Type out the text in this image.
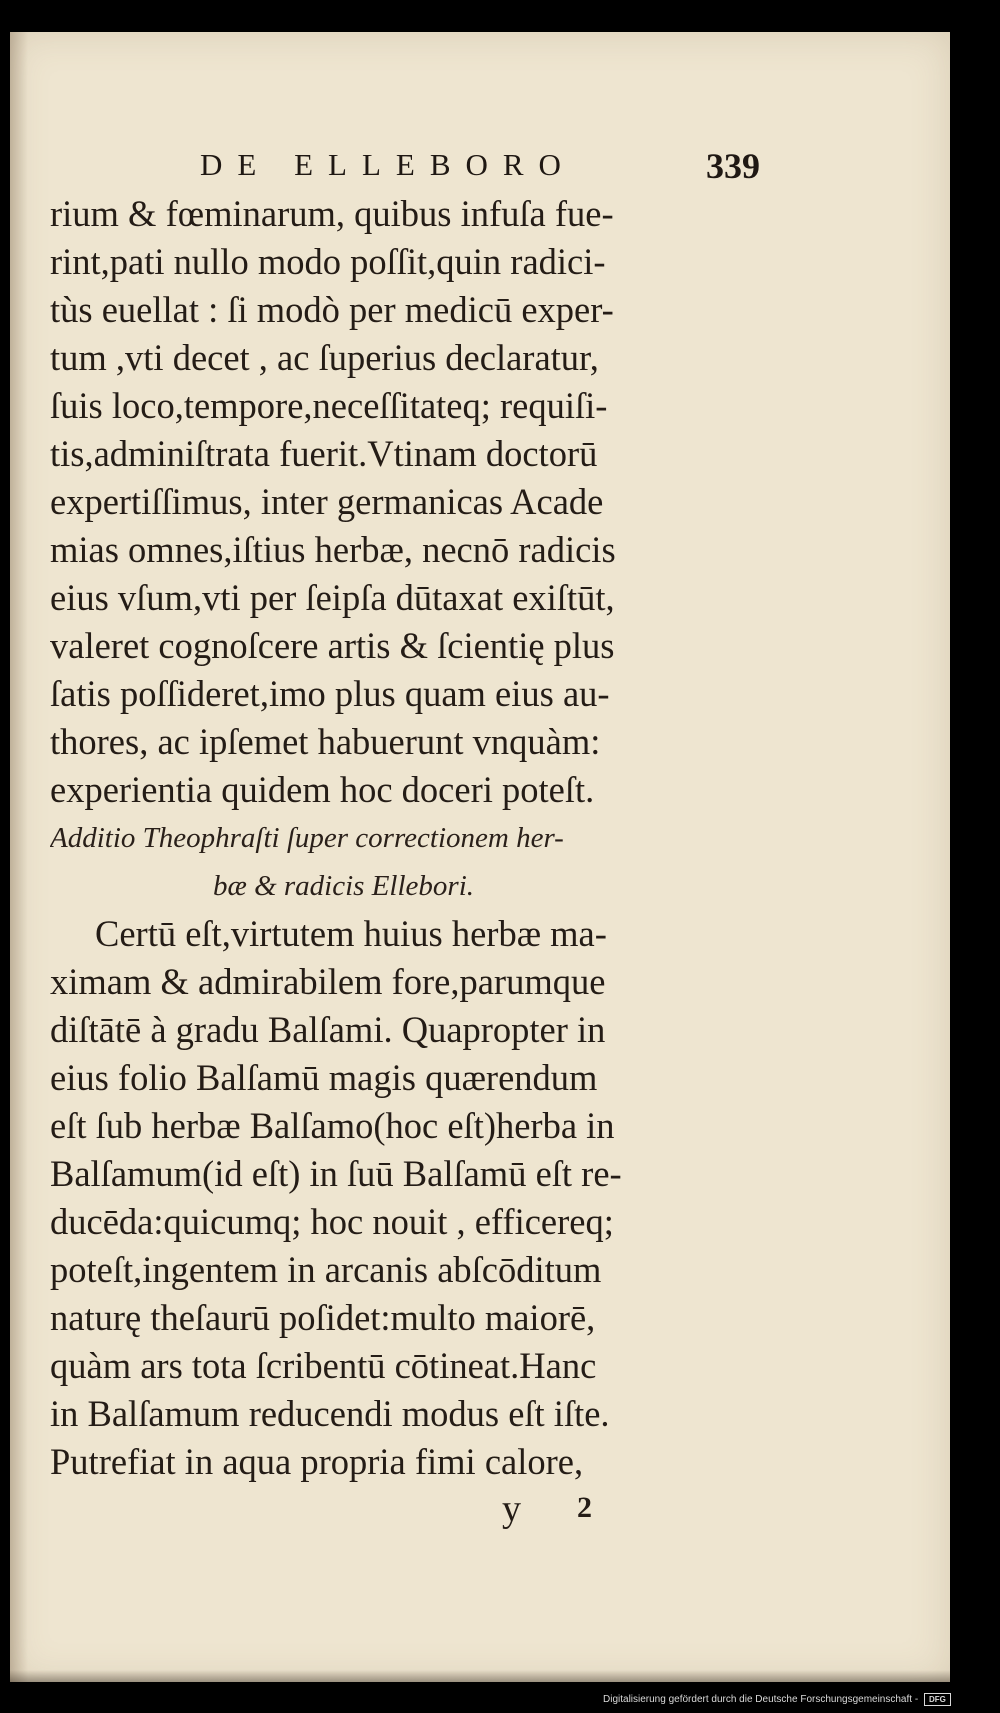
DE ELLEBORO	339
rium & fœminarum, quibus infuſa fue-
rint,pati nullo modo poſſit,quin radici-
tùs euellat : ſi modò per medicū exper-
tum ,vti decet , ac ſuperius declaratur,
ſuis loco,tempore,neceſſitateq; requiſi-
tis,adminiſtrata fuerit.Vtinam doctorū
expertiſſimus, inter germanicas Acade
mias omnes,iſtius herbæ, necnō radicis
eius vſum,vti per ſeipſa dūtaxat exiſtūt,
valeret cognoſcere artis & ſcientię plus
ſatis poſſideret,imo plus quam eius au-
thores, ac ipſemet habuerunt vnquàm:
experientia quidem hoc doceri poteſt.
Additio Theophraſti ſuper correctionem her-
bæ & radicis Ellebori.
Certū eſt,virtutem huius herbæ ma-
ximam & admirabilem fore,parumque
diſtātē à gradu Balſami. Quapropter in
eius folio Balſamū magis quærendum
eſt ſub herbæ Balſamo(hoc eſt)herba in
Balſamum(id eſt) in ſuū Balſamū eſt re-
ducēda:quicumq; hoc nouit , efficereq;
poteſt,ingentem in arcanis abſcōditum
naturę theſaurū poſidet:multo maiorē,
quàm ars tota ſcribentū cōtineat.Hanc
in Balſamum reducendi modus eſt iſte.
Putrefiat in aqua propria fimi calore,
y 2
Digitalisierung gefördert durch die Deutsche Forschungsgemeinschaft - DFG
